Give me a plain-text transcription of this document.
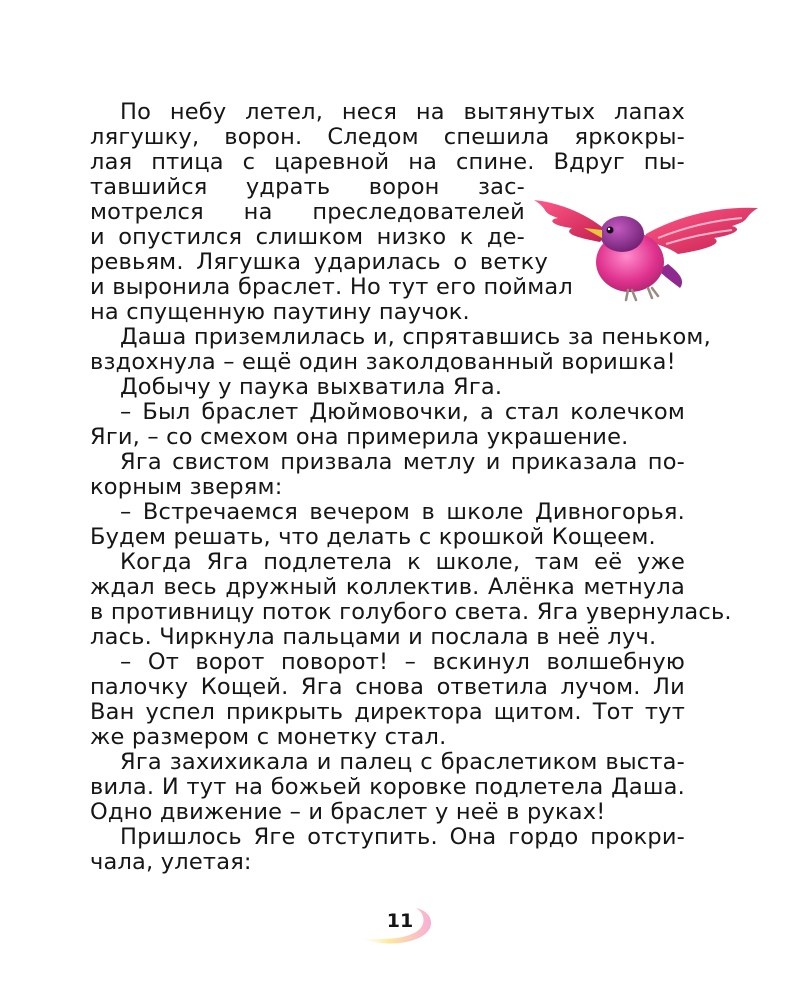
По небу летел, неся на вытянутых лапах
лягушку, ворон. Следом спешила яркокры-
лая птица с царевной на спине. Вдруг пы-
тавшийся удрать ворон зас-
мотрелся на преследователей
и опустился слишком низко к де-
ревьям. Лягушка ударилась о ветку
и выронила браслет. Но тут его поймал
на спущенную паутину паучок.
Даша приземлилась и, спрятавшись за пеньком,
вздохнула – ещё один заколдованный воришка!
Добычу у паука выхватила Яга.
– Был браслет Дюймовочки, а стал колечком
Яги, – со смехом она примерила украшение.
Яга свистом призвала метлу и приказала по-
корным зверям:
– Встречаемся вечером в школе Дивногорья.
Будем решать, что делать с крошкой Кощеем.
Когда Яга подлетела к школе, там её уже
ждал весь дружный коллектив. Алёнка метнула
в противницу поток голубого света. Яга увернулась.
лась. Чиркнула пальцами и послала в неё луч.
– От ворот поворот! – вскинул волшебную
палочку Кощей. Яга снова ответила лучом. Ли
Ван успел прикрыть директора щитом. Тот тут
же размером с монетку стал.
Яга захихикала и палец с браслетиком выста-
вила. И тут на божьей коровке подлетела Даша.
Одно движение – и браслет у неё в руках!
Пришлось Яге отступить. Она гордо прокри-
чала, улетая:
11
